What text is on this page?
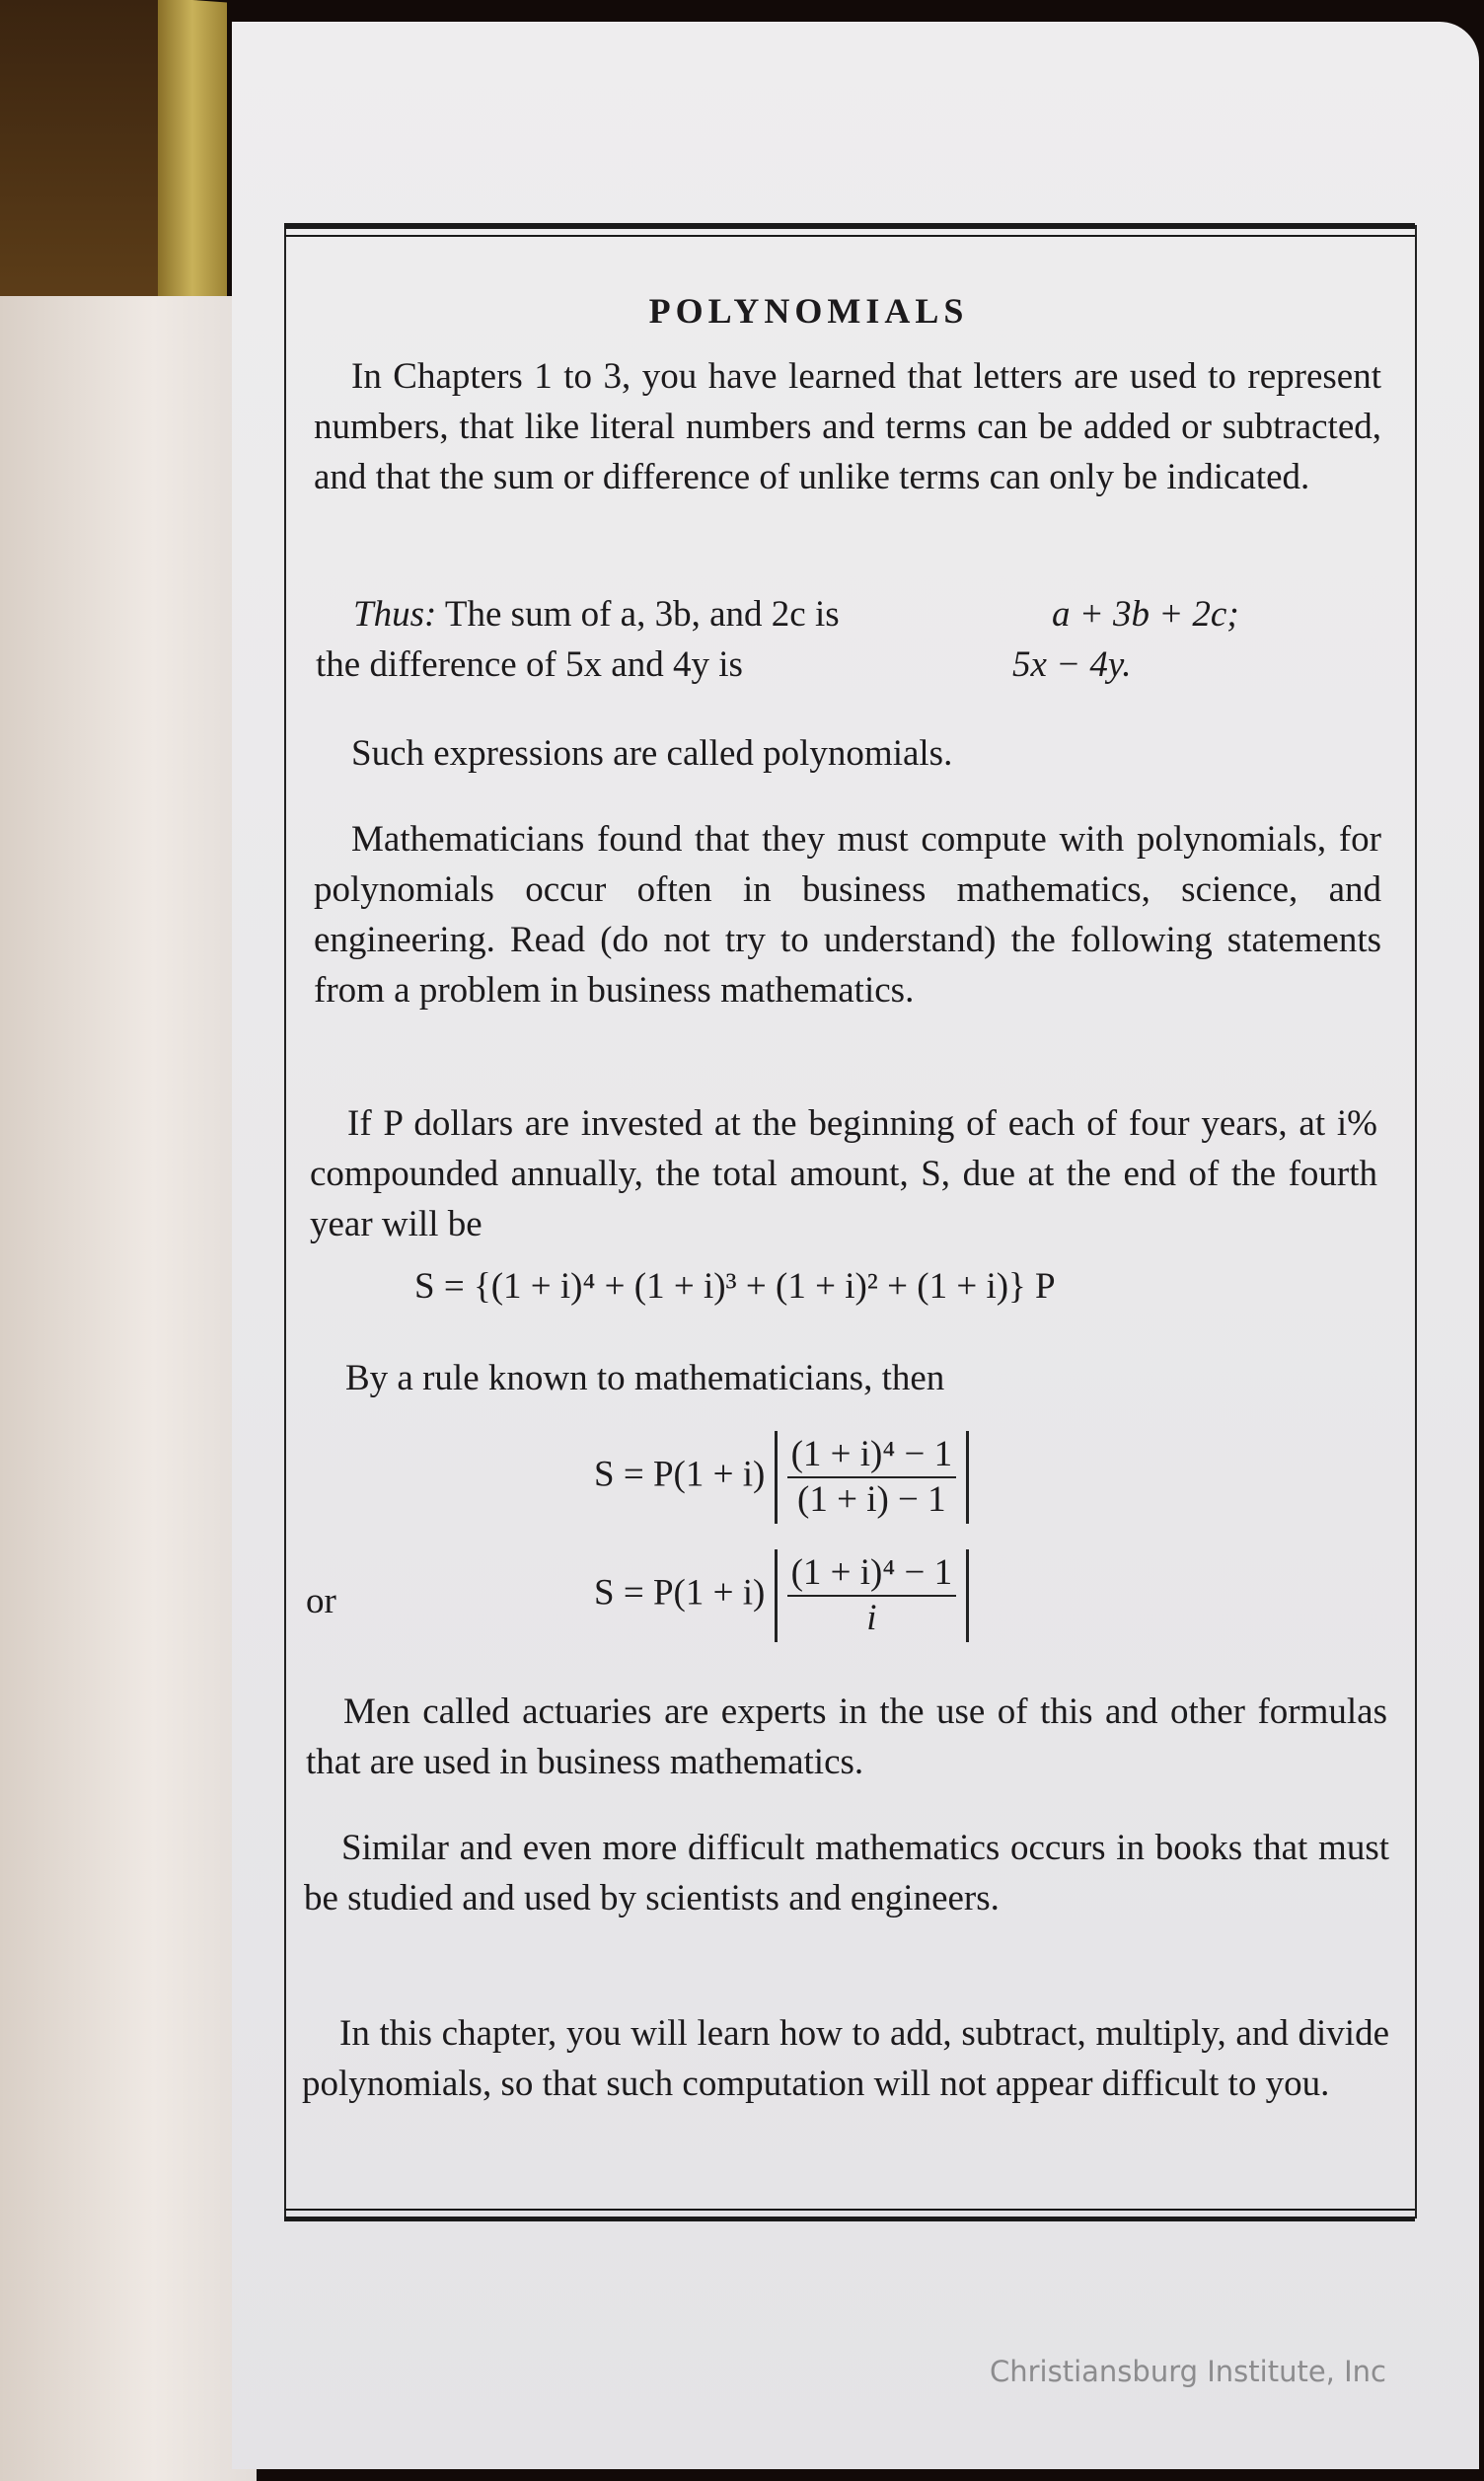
POLYNOMIALS
In Chapters 1 to 3, you have learned that letters are used to represent numbers, that like literal numbers and terms can be added or subtracted, and that the sum or difference of unlike terms can only be indicated.
Thus: The sum of a, 3b, and 2c is	a + 3b + 2c;
the difference of 5x and 4y is	5x − 4y.
Such expressions are called polynomials.
Mathematicians found that they must compute with polynomials, for polynomials occur often in business mathematics, science, and engineering. Read (do not try to understand) the following statements from a problem in business mathematics.
If P dollars are invested at the beginning of each of four years, at i% compounded annually, the total amount, S, due at the end of the fourth year will be
S = {(1 + i)⁴ + (1 + i)³ + (1 + i)² + (1 + i)} P
By a rule known to mathematicians, then
$S = P(1 + i) \frac{\text{(1 + i)⁴ − 1}}{(1 + i) - 1}$
or	$S = P(1 + i) \frac{\text{(1 + i)⁴ − 1}}{i}$
Men called actuaries are experts in the use of this and other formulas that are used in business mathematics.
Similar and even more difficult mathematics occurs in books that must be studied and used by scientists and engineers.
In this chapter, you will learn how to add, subtract, multiply, and divide polynomials, so that such computation will not appear difficult to you.
Christiansburg Institute, Inc
